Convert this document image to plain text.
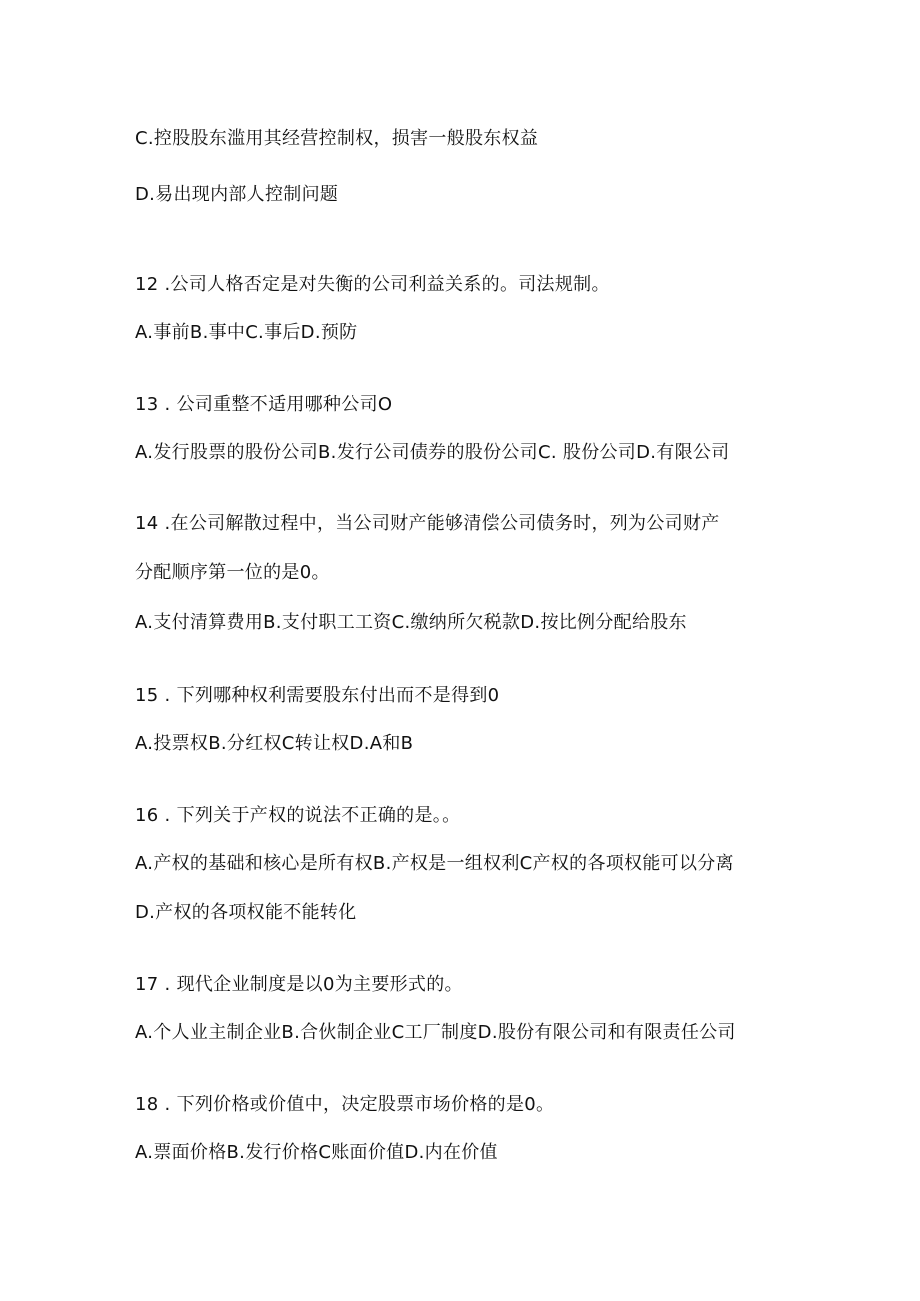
C.控股股东滥用其经营控制权，损害一般股东权益
D.易出现内部人控制问题
12 .公司人格否定是对失衡的公司利益关系的。司法规制。
A.事前B.事中C.事后D.预防
13 . 公司重整不适用哪种公司O
A.发行股票的股份公司B.发行公司债券的股份公司C. 股份公司D.有限公司
14 .在公司解散过程中，当公司财产能够清偿公司债务时，列为公司财产
分配顺序第一位的是0。
A.支付清算费用B.支付职工工资C.缴纳所欠税款D.按比例分配给股东
15 . 下列哪种权利需要股东付出而不是得到0
A.投票权B.分红权C转让权D.A和B
16 . 下列关于产权的说法不正确的是。。
A.产权的基础和核心是所有权B.产权是一组权利C产权的各项权能可以分离
D.产权的各项权能不能转化
17 . 现代企业制度是以0为主要形式的。
A.个人业主制企业B.合伙制企业C工厂制度D.股份有限公司和有限责任公司
18 . 下列价格或价值中，决定股票市场价格的是0。
A.票面价格B.发行价格C账面价值D.内在价值
